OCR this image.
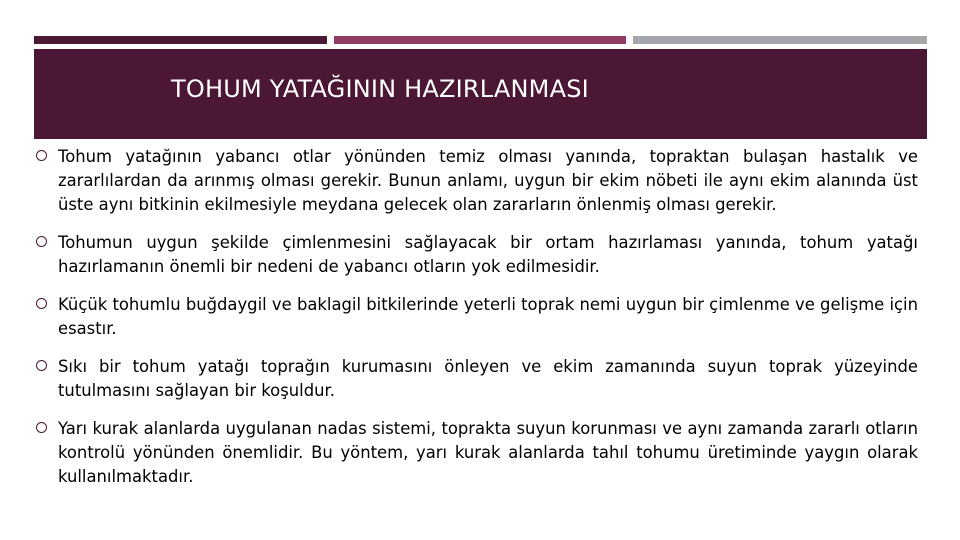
TOHUM YATAĞININ HAZIRLANMASI
Tohum yatağının yabancı otlar yönünden temiz olması yanında, topraktan bulaşan hastalık ve zararlılardan da arınmış olması gerekir. Bunun anlamı, uygun bir ekim nöbeti ile aynı ekim alanında üst üste aynı bitkinin ekilmesiyle meydana gelecek olan zararların önlenmiş olması gerekir.
Tohumun uygun şekilde çimlenmesini sağlayacak bir ortam hazırlaması yanında, tohum yatağı hazırlamanın önemli bir nedeni de yabancı otların yok edilmesidir.
Küçük tohumlu buğdaygil ve baklagil bitkilerinde yeterli toprak nemi uygun bir çimlenme ve gelişme için esastır.
Sıkı bir tohum yatağı toprağın kurumasını önleyen ve ekim zamanında suyun toprak yüzeyinde tutulmasını sağlayan bir koşuldur.
Yarı kurak alanlarda uygulanan nadas sistemi, toprakta suyun korunması ve aynı zamanda zararlı otların kontrolü yönünden önemlidir. Bu yöntem, yarı kurak alanlarda tahıl tohumu üretiminde yaygın olarak kullanılmaktadır.
